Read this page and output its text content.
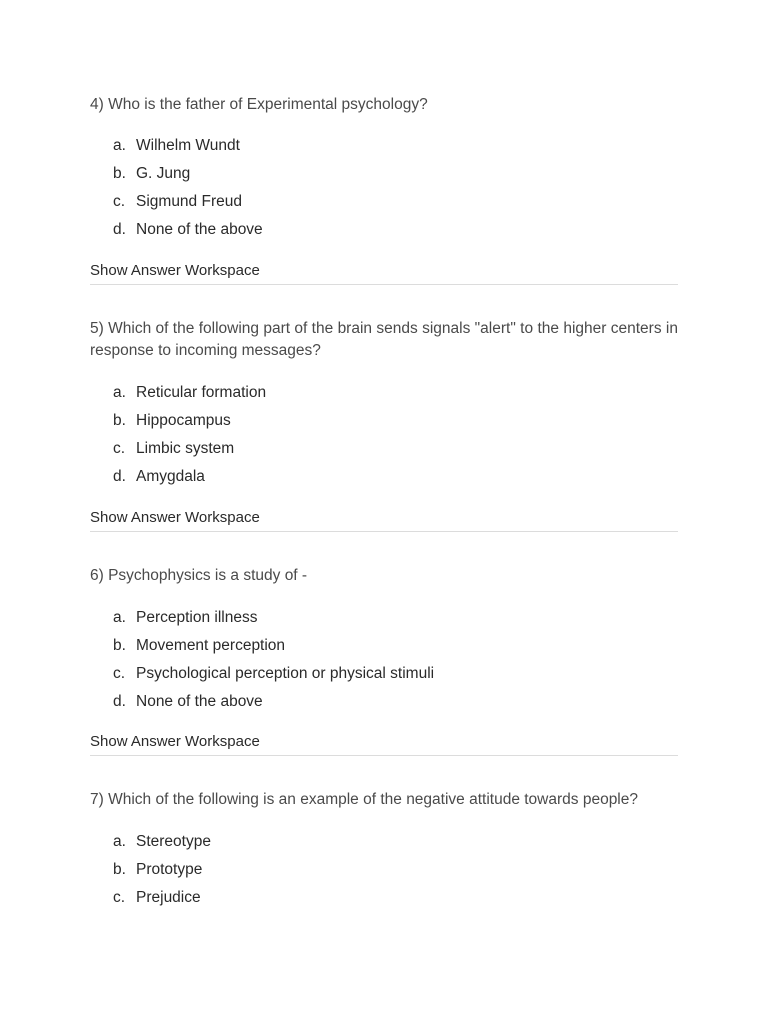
4) Who is the father of Experimental psychology?
a. Wilhelm Wundt
b. G. Jung
c. Sigmund Freud
d. None of the above
Show Answer Workspace
5) Which of the following part of the brain sends signals "alert" to the higher centers in response to incoming messages?
a. Reticular formation
b. Hippocampus
c. Limbic system
d. Amygdala
Show Answer Workspace
6) Psychophysics is a study of -
a. Perception illness
b. Movement perception
c. Psychological perception or physical stimuli
d. None of the above
Show Answer Workspace
7) Which of the following is an example of the negative attitude towards people?
a. Stereotype
b. Prototype
c. Prejudice
